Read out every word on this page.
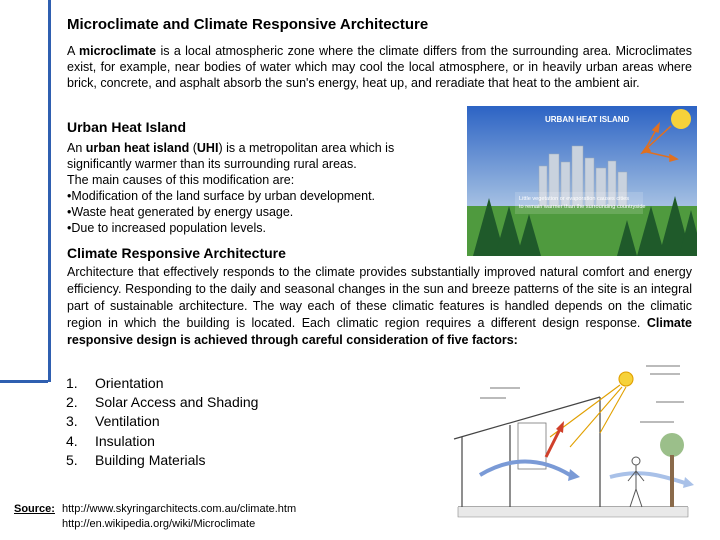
Microclimate and Climate Responsive Architecture
A microclimate is a local atmospheric zone where the climate differs from the surrounding area. Microclimates exist, for example, near bodies of water which may cool the local atmosphere, or in heavily urban areas where brick, concrete, and asphalt absorb the sun's energy, heat up, and reradiate that heat to the ambient air.
Urban Heat Island
An urban heat island (UHI) is a metropolitan area which is significantly warmer than its surrounding rural areas.
The main causes of this modification are:
•Modification of the land surface by urban development.
•Waste heat generated by energy usage.
•Due to increased population levels.
URBAN HEAT ISLAND
Little vegetation or evaporation causes cities
to remain warmer than the surrounding countryside
Climate Responsive Architecture
Architecture that effectively responds to the climate provides substantially improved natural comfort and energy efficiency. Responding to the daily and seasonal changes in the sun and breeze patterns of the site is an integral part of sustainable architecture. The way each of these climatic features is handled depends on the climatic region in which the building is located. Each climatic region requires a different design response. Climate responsive design is achieved through careful consideration of five factors:
1. Orientation
2. Solar Access and Shading
3. Ventilation
4. Insulation
5. Building Materials
Source: http://www.skyringarchitects.com.au/climate.htm
http://en.wikipedia.org/wiki/Microclimate
